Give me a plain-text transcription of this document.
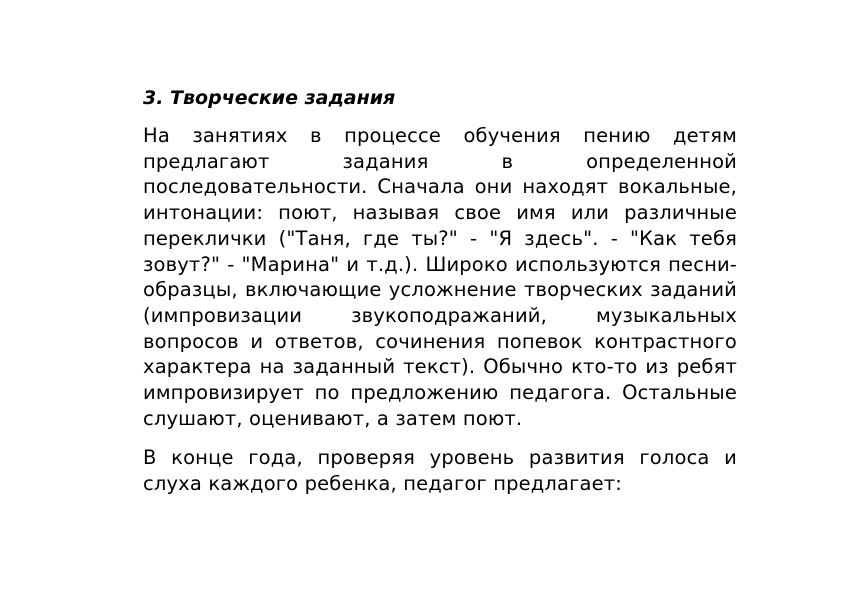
3. Творческие задания

На занятиях в процессе обучения пению детям предлагают задания в определенной последовательности. Сначала они находят вокальные, интонации: поют, называя свое имя или различные переклички ("Таня, где ты?" - "Я здесь". - "Как тебя зовут?" - "Марина" и т.д.). Широко используются песни-образцы, включающие усложнение творческих заданий (импровизации звукоподражаний, музыкальных вопросов и ответов, сочинения попевок контрастного характера на заданный текст). Обычно кто-то из ребят импровизирует по предложению педагога. Остальные слушают, оценивают, а затем поют.

В конце года, проверяя уровень развития голоса и слуха каждого ребенка, педагог предлагает:
